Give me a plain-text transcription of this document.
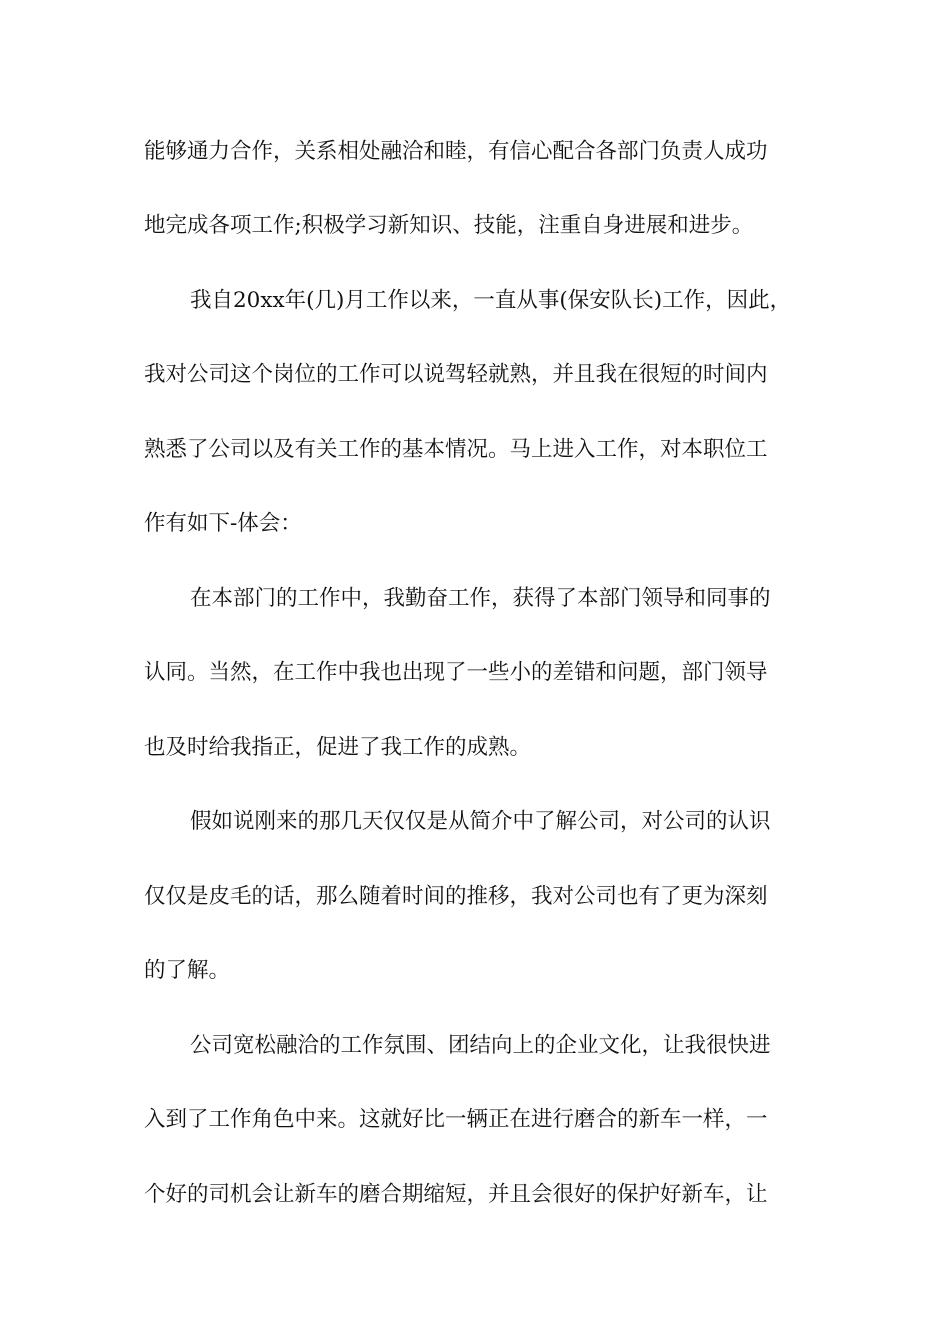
能够通力合作，关系相处融洽和睦，有信心配合各部门负责人成功
地完成各项工作;积极学习新知识、技能，注重自身进展和进步。
我自20xx年(几)月工作以来，一直从事(保安队长)工作，因此，
我对公司这个岗位的工作可以说驾轻就熟，并且我在很短的时间内
熟悉了公司以及有关工作的基本情况。马上进入工作，对本职位工
作有如下-体会：
在本部门的工作中，我勤奋工作，获得了本部门领导和同事的
认同。当然，在工作中我也出现了一些小的差错和问题，部门领导
也及时给我指正，促进了我工作的成熟。
假如说刚来的那几天仅仅是从简介中了解公司，对公司的认识
仅仅是皮毛的话，那么随着时间的推移，我对公司也有了更为深刻
的了解。
公司宽松融洽的工作氛围、团结向上的企业文化，让我很快进
入到了工作角色中来。这就好比一辆正在进行磨合的新车一样，一
个好的司机会让新车的磨合期缩短，并且会很好的保护好新车，让
